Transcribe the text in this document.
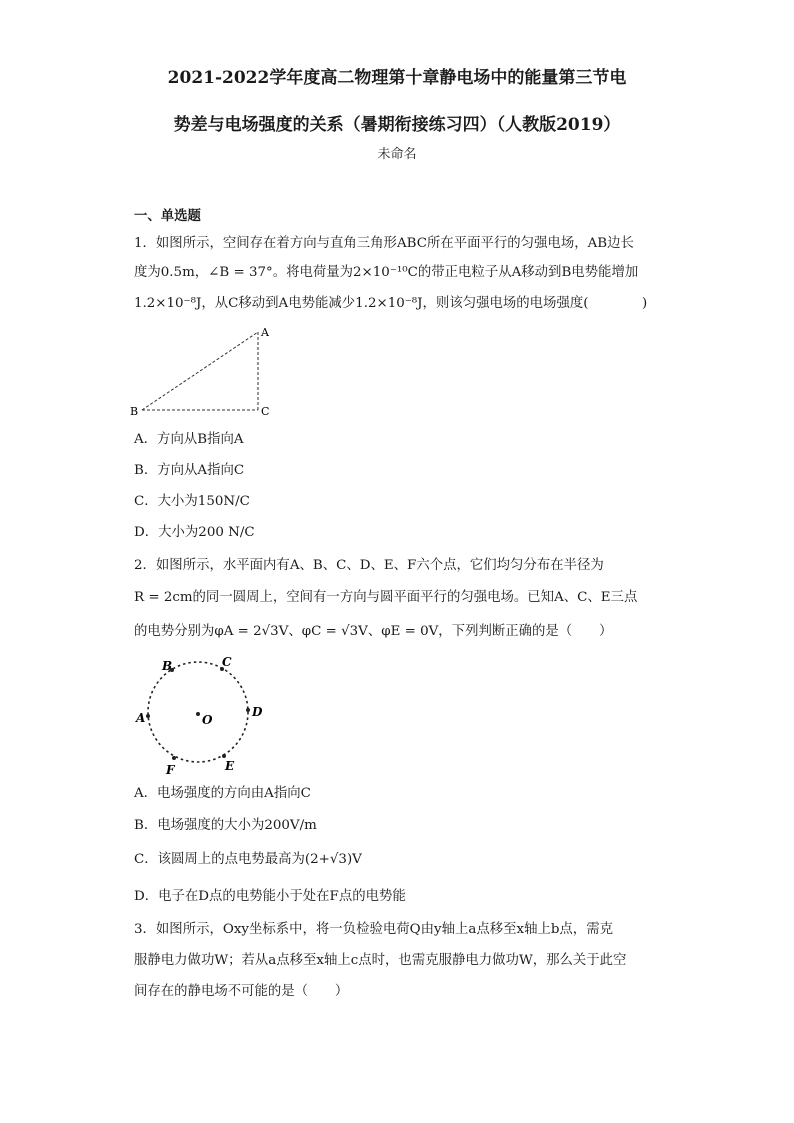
2021-2022学年度高二物理第十章静电场中的能量第三节电
势差与电场强度的关系（暑期衔接练习四）（人教版2019）
未命名
一、单选题
1．如图所示，空间存在着方向与直角三角形ABC所在平面平行的匀强电场，AB边长
度为0.5m，∠B = 37°。将电荷量为2×10⁻¹⁰C的带正电粒子从A移动到B电势能增加
1.2×10⁻⁸J，从C移动到A电势能减少1.2×10⁻⁸J，则该匀强电场的电场强度(　　　　)
A
B	C
A．方向从B指向A
B．方向从A指向C
C．大小为150N/C
D．大小为200 N/C
2．如图所示，水平面内有A、B、C、D、E、F六个点，它们均匀分布在半径为
R = 2cm的同一圆周上，空间有一方向与圆平面平行的匀强电场。已知A、C、E三点
的电势分别为φA = 2√3V、φC = √3V、φE = 0V，下列判断正确的是（　　）
A
B	C
D
E
F
O
A．电场强度的方向由A指向C
B．电场强度的大小为200V/m
C．该圆周上的点电势最高为(2+√3)V
D．电子在D点的电势能小于处在F点的电势能
3．如图所示，Oxy坐标系中，将一负检验电荷Q由y轴上a点移至x轴上b点，需克
服静电力做功W；若从a点移至x轴上c点时，也需克服静电力做功W，那么关于此空
间存在的静电场不可能的是（　　）
